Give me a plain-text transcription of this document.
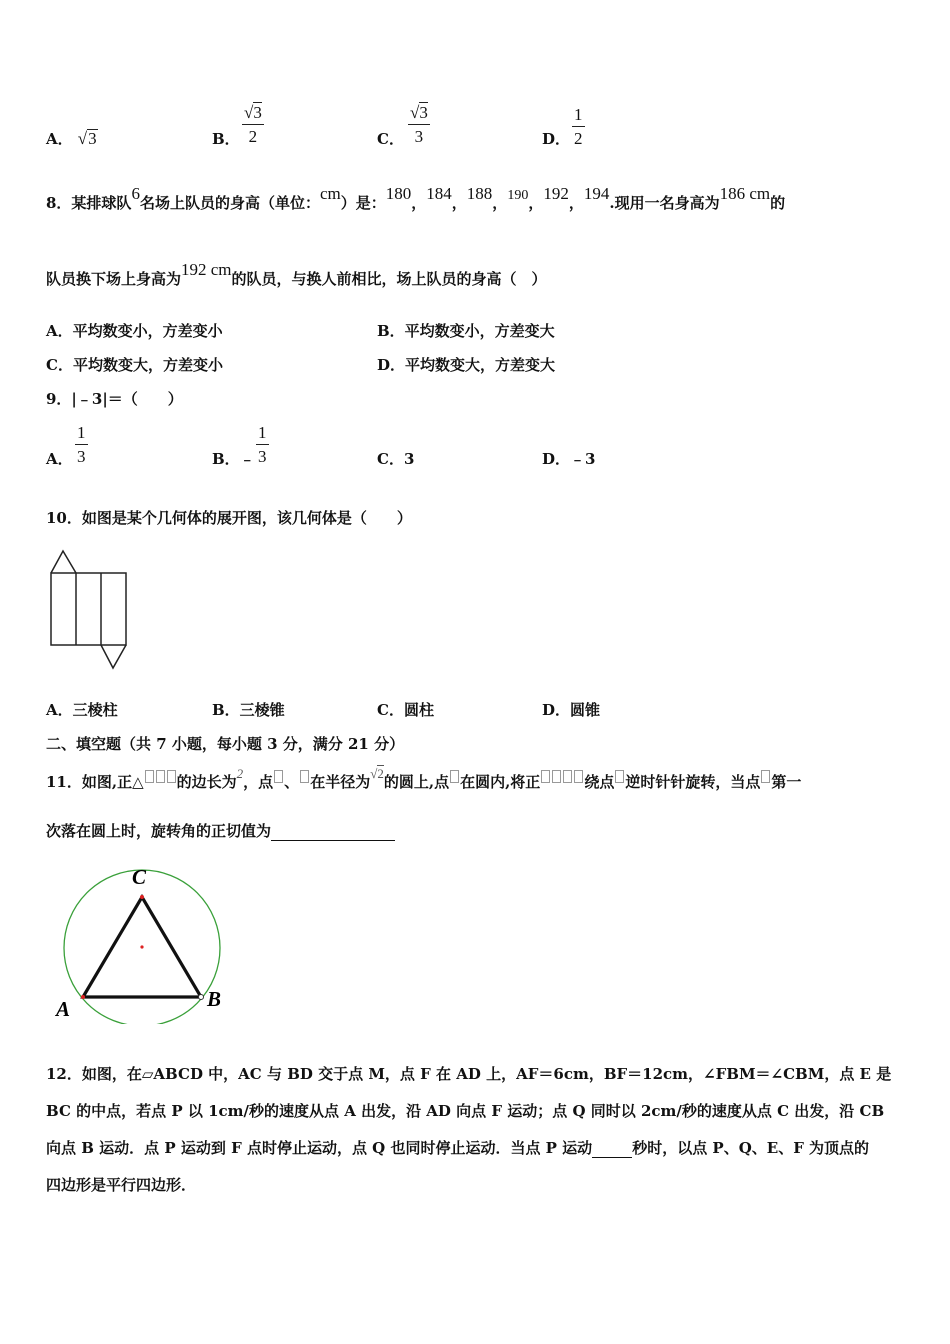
A． √3	B． $\frac{√3}{2}$	C． $\frac{√3}{3}$	D． $\frac{1}{2}$
8．某排球队6名场上队员的身高（单位：cm）是：180，184，188，190，192，194.现用一名身高为186 cm的
队员换下场上身高为192 cm的队员，与换人前相比，场上队员的身高（　）
A．平均数变小，方差变小	B．平均数变小，方差变大
C．平均数变大，方差变小	D．平均数变大，方差变大
9．|﹣3|＝（　　）
A． $\frac{1}{3}$	B．﹣ $\frac{1}{3}$	C．3	D．﹣3
10．如图是某个几何体的展开图，该几何体是（　　）
A．三棱柱	B．三棱锥	C．圆柱	D．圆锥
二、填空题（共 7 小题，每小题 3 分，满分 21 分）
11．如图,正△ 的边长为2，点 、 在半径为√2的圆上,点 在圆内,将正	绕点 逆时针针旋转，当点 第一
次落在圆上时，旋转角的正切值为
C
A	B
12．如图，在▱ABCD 中，AC 与 BD 交于点 M，点 F 在 AD 上，AF＝6cm，BF＝12cm，∠FBM＝∠CBM，点 E 是
BC 的中点，若点 P 以 1cm/秒的速度从点 A 出发，沿 AD 向点 F 运动；点 Q 同时以 2cm/秒的速度从点 C 出发，沿 CB
向点 B 运动．点 P 运动到 F 点时停止运动，点 Q 也同时停止运动．当点 P 运动	秒时，以点 P、Q、E、F 为顶点的
四边形是平行四边形．
